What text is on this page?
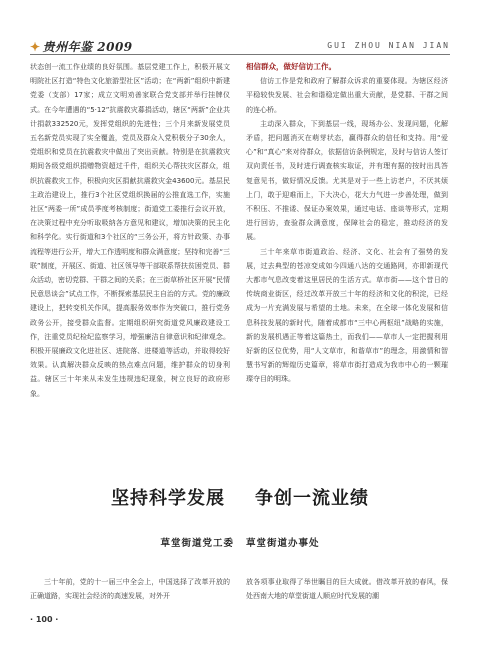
✦ 贵州年鉴 2009	GUI ZHOU NIAN JIAN

状态创一流工作业绩的良好氛围。基层党建工作上，积极开展文明院社区打造“特色文化旅游型社区”活动；在“两新”组织中新建党委（支部）17家；成立文明劝善家联合党支部并举行挂牌仪式。在今年遭遇的“5·12”抗震救灾募捐活动，辖区“两新”企业共计捐款332520元，发挥党组织的先进性；三个月来新发展党员五名新党员实现了实全覆盖，党员及群众入党积极分子30余人，党组织和党员在抗震救灾中做出了突出贡献。特别是在抗震救灾期间各级党组织捐赠物资超过千件，组织关心帮扶灾区群众，组织抗震救灾工作，积极向灾区捐献抗震救灾金43600元。基层民主政治建设上，推行3个社区党组织换届的公推直选工作，实施社区“两委一所”成员季度考核制度；街道党工委推行会议开放，在决策过程中充分听取吸纳各方意见和建议，增加决策的民主化和科学化。实行街道和3个社区的“三务公开，将方针政策、办事流程等进行公开，增大工作透明度和群众满意度；坚持和完善“三联”制度，开展区、街道、社区领导等干部联系帮扶贫困党员、群众活动，密切党群、干群之间的关系；在三街草桥社区开展“民情民意恳谈会”试点工作，不断探索基层民主自治的方式。党的廉政建设上，把转变机关作风，提高服务效率作为突破口，推行党务政务公开，接受群众监督。定期组织研究街道党风廉政建设工作，注重党员纪检纪监察学习，增强廉洁自律意识和纪律观念。积极开展廉政文化进社区、进院落、进楼道等活动，并取得较好效果。认真解决群众反映的热点难点问题，维护群众的切身利益。辖区三十年来从未发生违规违纪现象，树立良好的政府形象。

相信群众，做好信访工作。

信访工作是党和政府了解群众诉求的重要体现。为辖区经济平稳较快发展、社会和谐稳定做出重大贡献，是党群、干群之间的连心桥。

主动深入群众，下到基层一线，现场办公、发现问题，化解矛盾，把问题消灭在萌芽状态，赢得群众的信任和支持。用“爱心”和“真心”来对待群众，依据信访条例规定，及时与信访人签订双向责任书，及时进行调查核实取证，并有理有据的按时出具答复意见书，做好情况反馈。尤其是对于一些上访老户，不厌其烦上门，敢于迎难而上，下大决心，花大力气进一步善处理，做到不积压、不推诿、保证办案效果，通过电话、座谈等形式，定期进行回访，查验群众满意度，保障社会的稳定，推动经济的发展。

三十年来草市街道政治、经济、文化、社会有了强势的发展，过去典型的苍凉变成如今四通八达的交通路网，亦即新现代大都市气息改变着这里居民的生活方式。草市街——这个昔日的传统商业街区，经过改革开放三十年的经济和文化的积淀，已经成为一片充满发展与希望的土地。未来，在全球一体化发展和信息科技发展的新时代，随着成都市“三中心两枢纽”战略的实施，新的发展机遇正等着这篇热土，而我们——草市人一定把握利用好新的区位优势，用“人文草市，和谐草市”的理念，用激情和智慧书写新的辉煌历史篇章，将草市街打造成为我市中心的一颗璀璨夺目的明珠。

坚持科学发展 争创一流业绩
草堂街道党工委 草堂街道办事处

三十年前，党的十一届三中全会上，中国选择了改革开放的正确道路，实现社会经济的高速发展，对外开

放各项事业取得了举世瞩目的巨大成就。借改革开放的春风，保处西南大地的草堂街道人顺应时代发展的潮

· 100 ·
